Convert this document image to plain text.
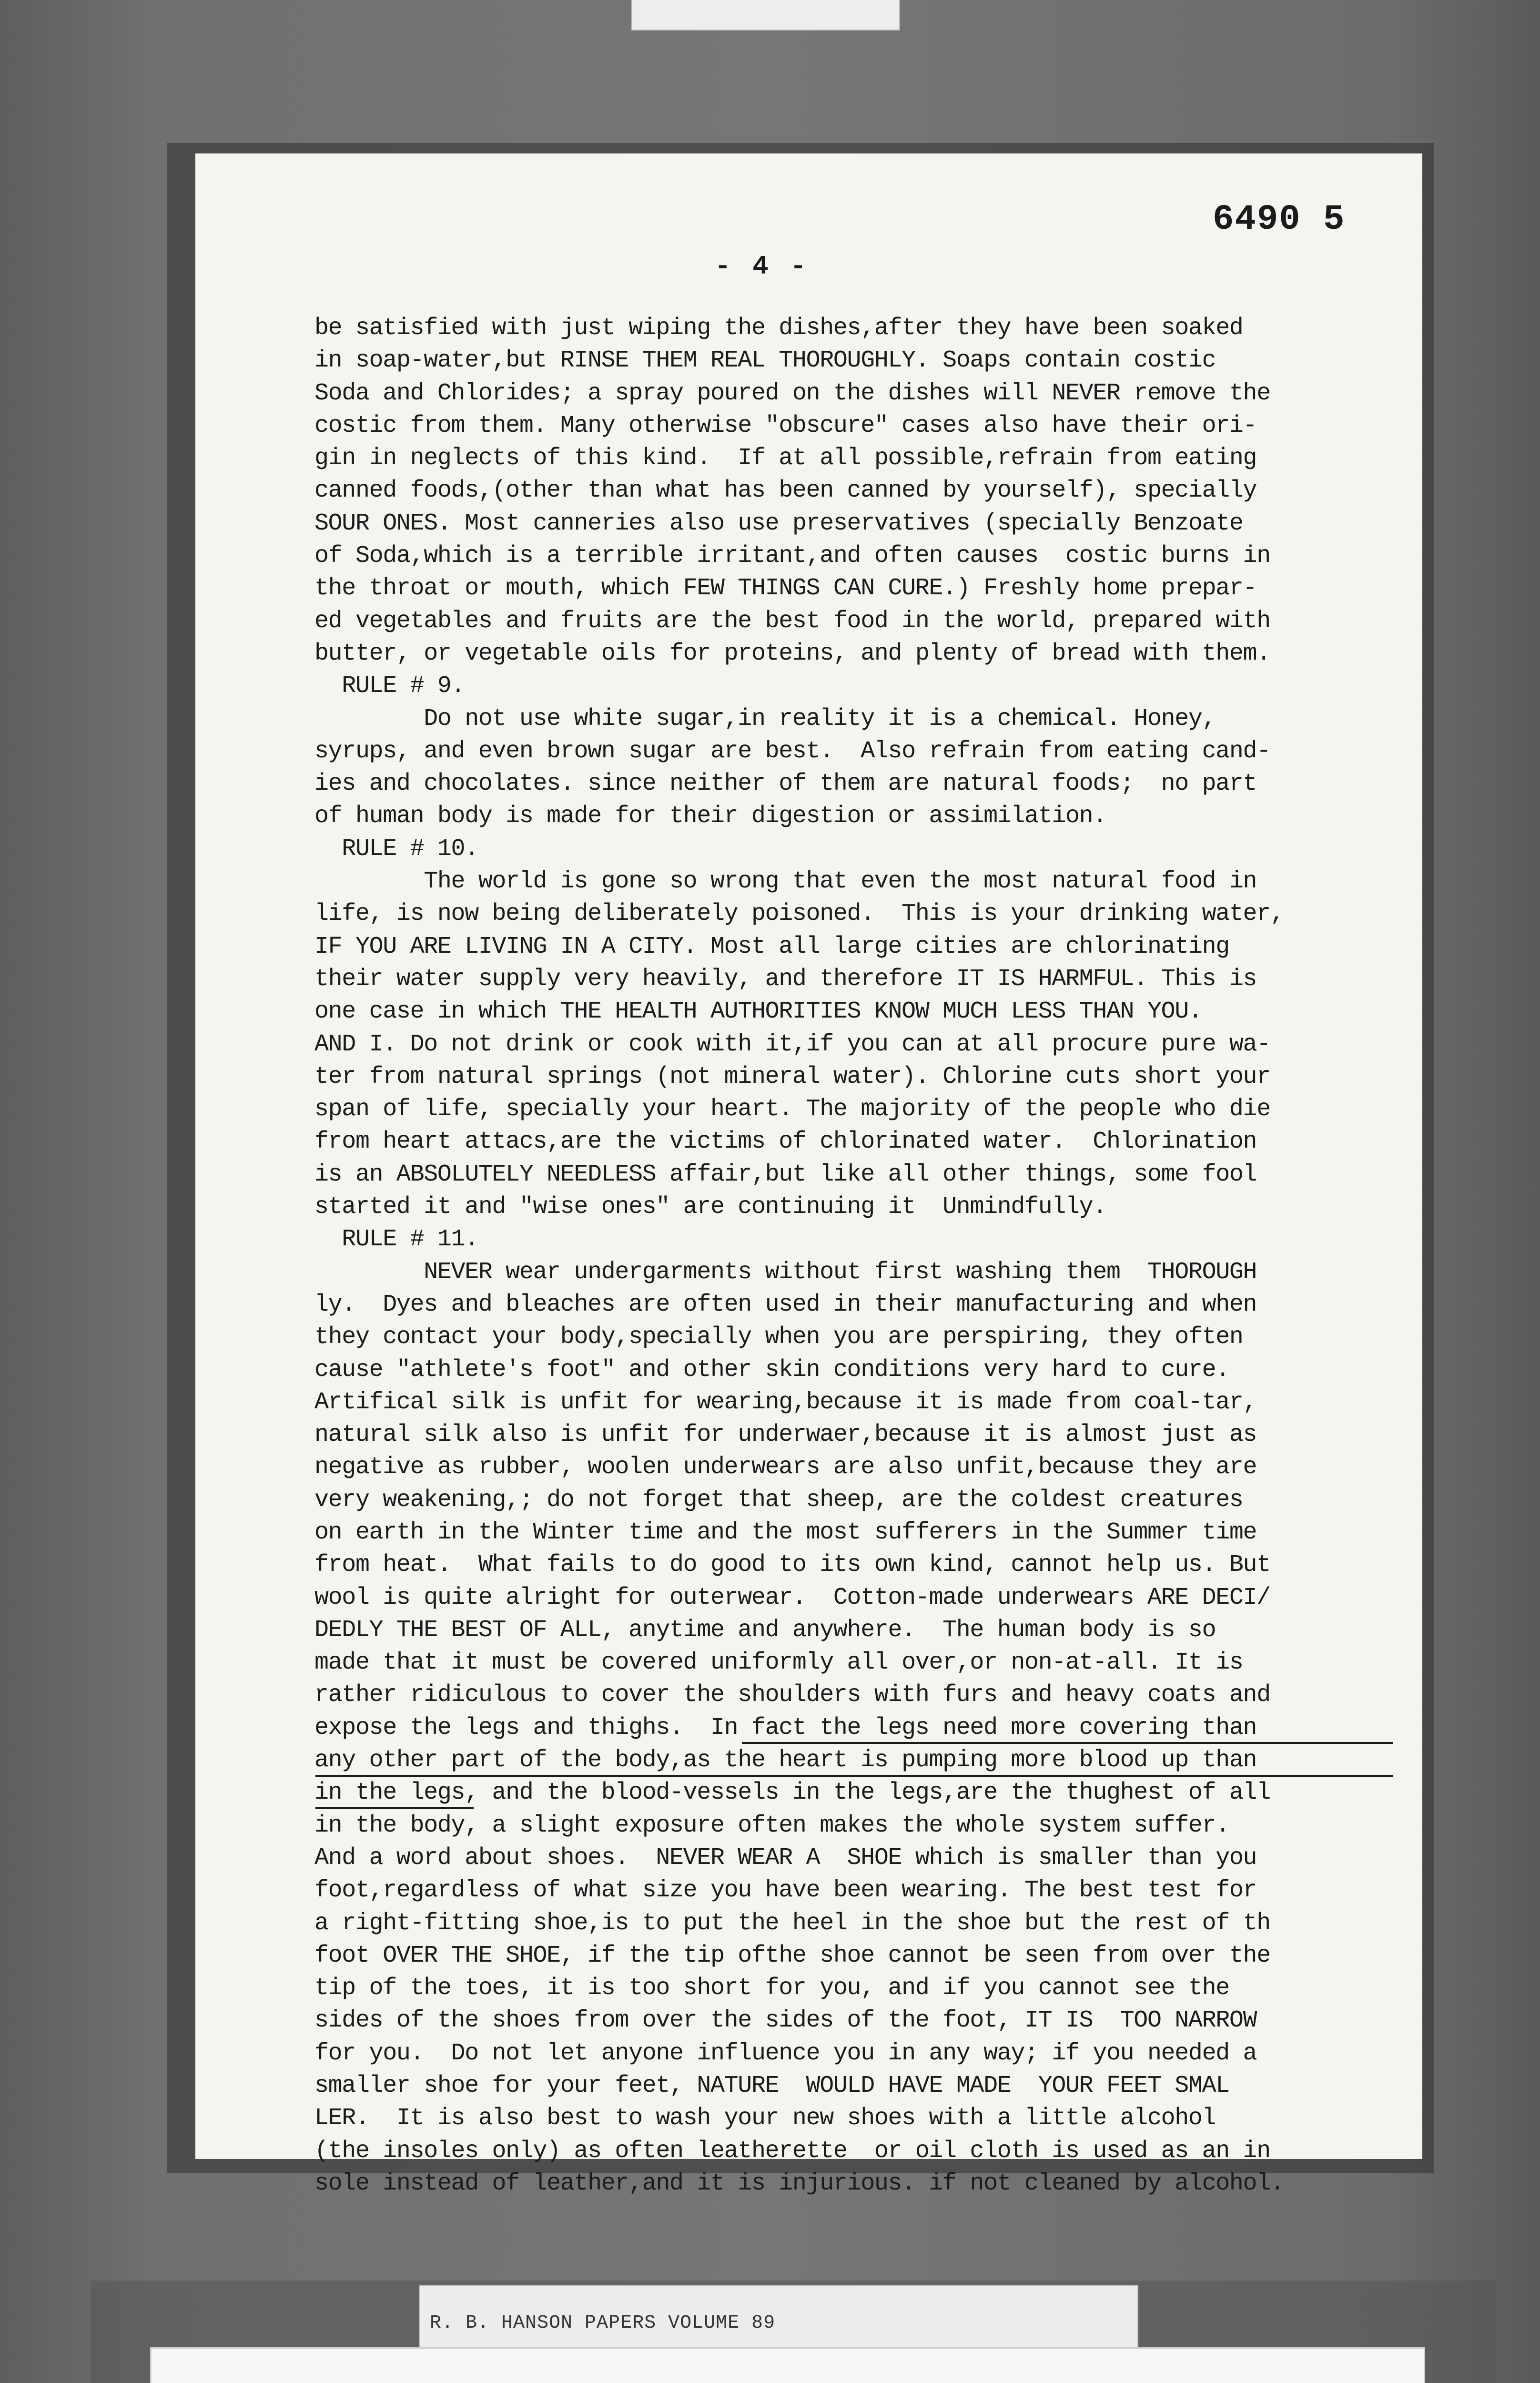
6490 5
- 4 -
be satisfied with just wiping the dishes,after they have been soaked
in soap-water,but RINSE THEM REAL THOROUGHLY. Soaps contain costic
Soda and Chlorides; a spray poured on the dishes will NEVER remove the
costic from them. Many otherwise "obscure" cases also have their ori-
gin in neglects of this kind.  If at all possible,refrain from eating
canned foods,(other than what has been canned by yourself), specially
SOUR ONES. Most canneries also use preservatives (specially Benzoate
of Soda,which is a terrible irritant,and often causes  costic burns in
the throat or mouth, which FEW THINGS CAN CURE.) Freshly home prepar-
ed vegetables and fruits are the best food in the world, prepared with
butter, or vegetable oils for proteins, and plenty of bread with them.
RULE # 9.
Do not use white sugar,in reality it is a chemical. Honey,
syrups, and even brown sugar are best.  Also refrain from eating cand-
ies and chocolates. since neither of them are natural foods;  no part
of human body is made for their digestion or assimilation.
RULE # 10.
The world is gone so wrong that even the most natural food in
life, is now being deliberately poisoned.  This is your drinking water,
IF YOU ARE LIVING IN A CITY. Most all large cities are chlorinating
their water supply very heavily, and therefore IT IS HARMFUL. This is
one case in which THE HEALTH AUTHORITIES KNOW MUCH LESS THAN YOU.
AND I. Do not drink or cook with it,if you can at all procure pure wa-
ter from natural springs (not mineral water). Chlorine cuts short your
span of life, specially your heart. The majority of the people who die
from heart attacs,are the victims of chlorinated water.  Chlorination
is an ABSOLUTELY NEEDLESS affair,but like all other things, some fool
started it and "wise ones" are continuing it  Unmindfully.
RULE # 11.
NEVER wear undergarments without first washing them  THOROUGH
ly.  Dyes and bleaches are often used in their manufacturing and when
they contact your body,specially when you are perspiring, they often
cause "athlete's foot" and other skin conditions very hard to cure.
Artifical silk is unfit for wearing,because it is made from coal-tar,
natural silk also is unfit for underwaer,because it is almost just as
negative as rubber, woolen underwears are also unfit,because they are
very weakening,; do not forget that sheep, are the coldest creatures
on earth in the Winter time and the most sufferers in the Summer time
from heat.  What fails to do good to its own kind, cannot help us. But
wool is quite alright for outerwear.  Cotton-made underwears ARE DECI/
DEDLY THE BEST OF ALL, anytime and anywhere.  The human body is so
made that it must be covered uniformly all over,or non-at-all. It is
rather ridiculous to cover the shoulders with furs and heavy coats and
expose the legs and thighs.  In fact the legs need more covering than
any other part of the body,as the heart is pumping more blood up than
in the legs, and the blood-vessels in the legs,are the thughest of all
in the body, a slight exposure often makes the whole system suffer.
And a word about shoes.  NEVER WEAR A  SHOE which is smaller than you
foot,regardless of what size you have been wearing. The best test for
a right-fitting shoe,is to put the heel in the shoe but the rest of th
foot OVER THE SHOE, if the tip ofthe shoe cannot be seen from over the
tip of the toes, it is too short for you, and if you cannot see the
sides of the shoes from over the sides of the foot, IT IS  TOO NARROW
for you.  Do not let anyone influence you in any way; if you needed a
smaller shoe for your feet, NATURE  WOULD HAVE MADE  YOUR FEET SMAL
LER.  It is also best to wash your new shoes with a little alcohol
(the insoles only) as often leatherette  or oil cloth is used as an in
sole instead of leather,and it is injurious. if not cleaned by alcohol.
R. B. HANSON PAPERS VOLUME 89
